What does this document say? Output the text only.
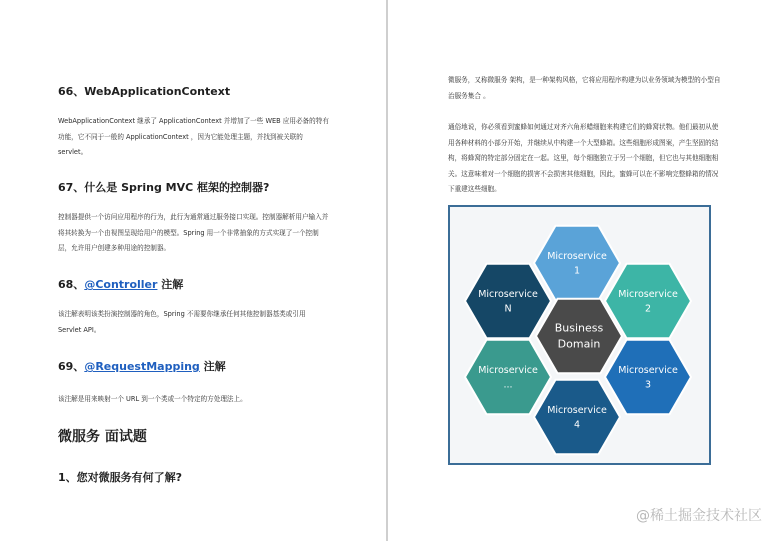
66、WebApplicationContext
WebApplicationContext 继承了 ApplicationContext 并增加了一些 WEB 应用必备的特有功能，它不同于一般的 ApplicationContext ，因为它能处理主题，并找到被关联的 servlet。
67、什么是 Spring MVC 框架的控制器?
控制器提供一个访问应用程序的行为，此行为通常通过服务接口实现。控制器解析用户输入并将其转换为一个由视图呈现给用户的模型。Spring 用一个非常抽象的方式实现了一个控制层，允许用户创建多种用途的控制器。
68、@Controller 注解
该注解表明该类扮演控制器的角色，Spring 不需要你继承任何其他控制器基类或引用 Servlet API。
69、@RequestMapping 注解
该注解是用来映射一个 URL 到一个类或一个特定的方处理法上。
微服务 面试题
1、您对微服务有何了解?
微服务，又称微服务 架构，是一种架构风格，它将应用程序构建为以业务领域为模型的小型自治服务集合 。
通俗地说，你必须看到蜜蜂如何通过对齐六角形蜡细胞来构建它们的蜂窝状物。他们最初从使用各种材料的小部分开始，并继续从中构建一个大型蜂箱。这些细胞形成图案，产生坚固的结构，将蜂窝的特定部分固定在一起。这里，每个细胞独立于另一个细胞，但它也与其他细胞相关。这意味着对一个细胞的损害不会损害其他细胞，因此，蜜蜂可以在不影响完整蜂箱的情况下重建这些细胞。
Microservice
1
Microservice
2
Microservice
3
Microservice
4
Microservice
...
Microservice
N
Business
Domain
@稀土掘金技术社区
